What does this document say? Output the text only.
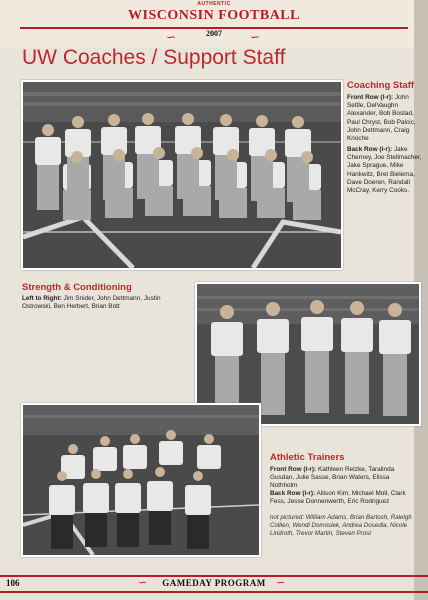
AUTHENTIC
WISCONSIN FOOTBALL
2007
∽	∽
UW Coaches / Support Staff
Coaching Staff
Front Row (l-r): John Settle, DelVaughn Alexander, Bob Bostad, Paul Chryst, Bob Palcic, John Dettmann, Craig Knoche
Back Row (l-r): Jake Cherney, Joe Stellmacher, Jake Sprague, Mike Hankwitz, Bret Bielema, Dave Doeren, Randall McCray, Kerry Cooks.
Strength & Conditioning
Left to Right: Jim Snider, John Dettmann, Justin Ostrowski, Ben Herbert, Brian Bott
Athletic Trainers
Front Row (l-r): Kathleen Retzke, Taralinda Gusdan, Julie Sasse, Brian Waters, Elissa Nothholm
Back Row (l-r): Allison Kim, Michael Moll, Clark Fess, Jesse Donnenwerth, Eric Rodriguez
not pictured: William Adams, Brian Bartosh, Ralelgh Collien, Wendi Domoslek, Andrea Dosedla, Nicole Lindroth, Trevor Martin, Steven Prost
106	GAMEDAY PROGRAM
∽	∽
